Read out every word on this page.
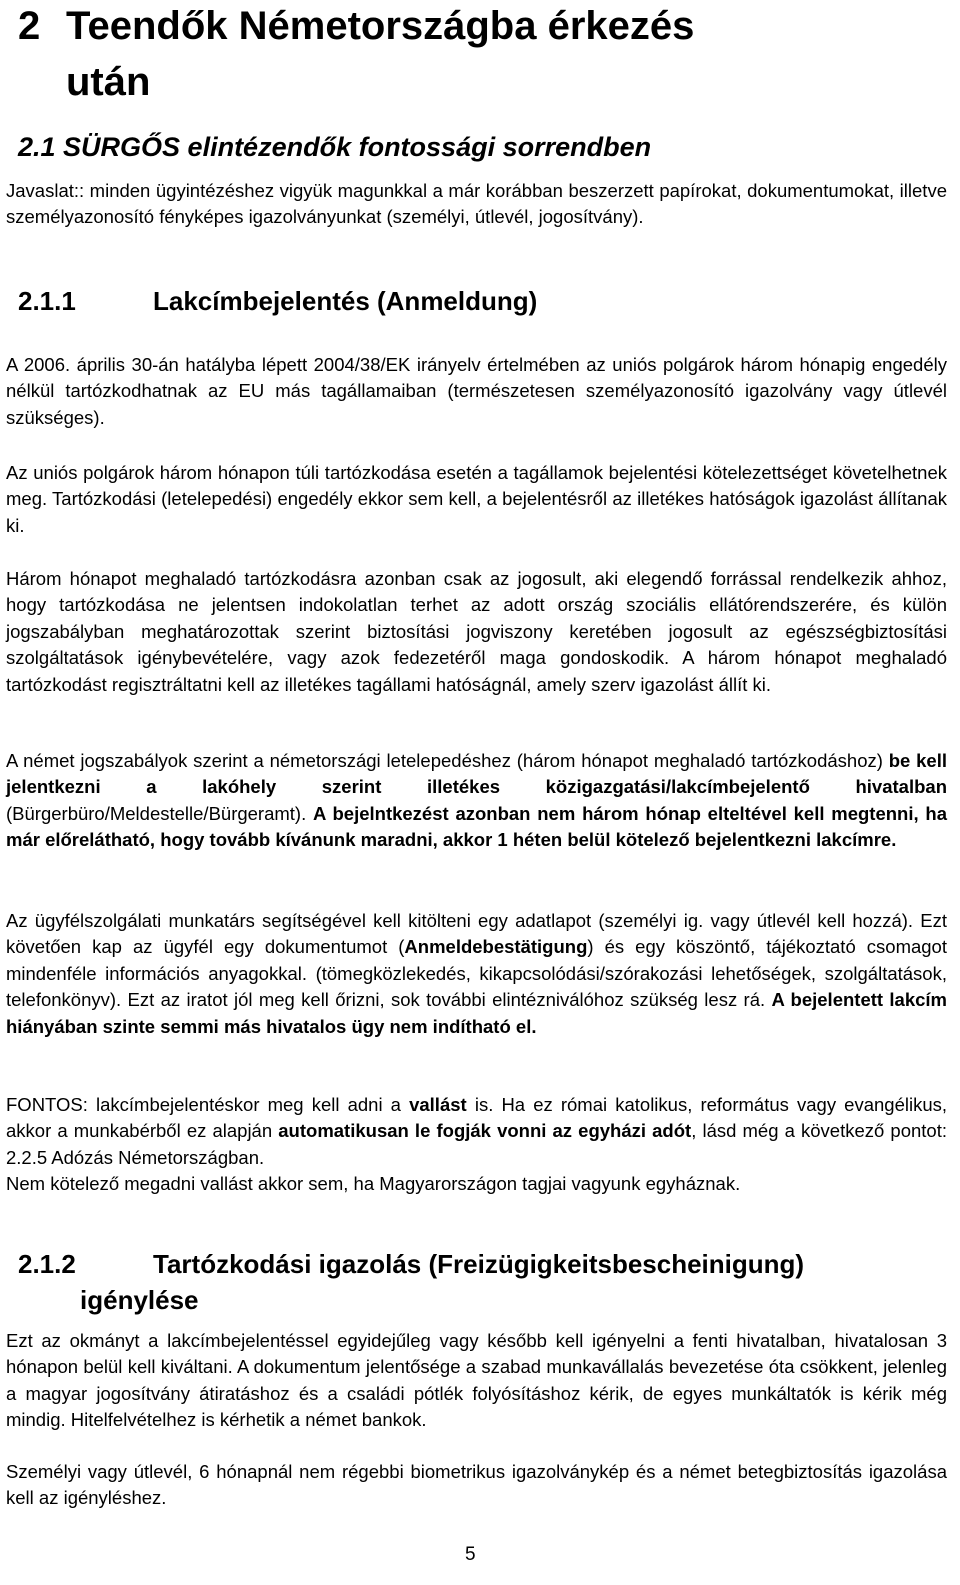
2 Teendők Németországba érkezés
után
2.1 SÜRGŐS elintézendők fontossági sorrendben

Javaslat:: minden ügyintézéshez vigyük magunkkal a már korábban beszerzett papírokat, dokumentumokat, illetve személyazonosító fényképes igazolványunkat (személyi, útlevél, jogosítvány).

2.1.1	Lakcímbejelentés (Anmeldung)

A 2006. április 30-án hatályba lépett 2004/38/EK irányelv értelmében az uniós polgárok három hónapig engedély nélkül tartózkodhatnak az EU más tagállamaiban (természetesen személyazonosító igazolvány vagy útlevél szükséges).

Az uniós polgárok három hónapon túli tartózkodása esetén a tagállamok bejelentési kötelezettséget követelhetnek meg. Tartózkodási (letelepedési) engedély ekkor sem kell, a bejelentésről az illetékes hatóságok igazolást állítanak ki.

Három hónapot meghaladó tartózkodásra azonban csak az jogosult, aki elegendő forrással rendelkezik ahhoz, hogy tartózkodása ne jelentsen indokolatlan terhet az adott ország szociális ellátórendszerére, és külön jogszabályban meghatározottak szerint biztosítási jogviszony keretében jogosult az egészségbiztosítási szolgáltatások igénybevételére, vagy azok fedezetéről maga gondoskodik. A három hónapot meghaladó tartózkodást regisztráltatni kell az illetékes tagállami hatóságnál, amely szerv igazolást állít ki.

A német jogszabályok szerint a németországi letelepedéshez (három hónapot meghaladó tartózkodáshoz) be kell jelentkezni a lakóhely szerint illetékes közigazgatási/lakcímbejelentő hivatalban (Bürgerbüro/Meldestelle/Bürgeramt). A bejelntkezést azonban nem három hónap elteltével kell megtenni, ha már előrelátható, hogy tovább kívánunk maradni, akkor 1 héten belül kötelező bejelentkezni lakcímre.

Az ügyfélszolgálati munkatárs segítségével kell kitölteni egy adatlapot (személyi ig. vagy útlevél kell hozzá). Ezt követően kap az ügyfél egy dokumentumot (Anmeldebestätigung) és egy köszöntő, tájékoztató csomagot mindenféle információs anyagokkal. (tömegközlekedés, kikapcsolódási/szórakozási lehetőségek, szolgáltatások, telefonkönyv). Ezt az iratot jól meg kell őrizni, sok további elintézniválóhoz szükség lesz rá. A bejelentett lakcím hiányában szinte semmi más hivatalos ügy nem indítható el.

FONTOS: lakcímbejelentéskor meg kell adni a vallást is. Ha ez római katolikus, református vagy evangélikus, akkor a munkabérből ez alapján automatikusan le fogják vonni az egyházi adót, lásd még a következő pontot: 2.2.5 Adózás Németországban.
Nem kötelező megadni vallást akkor sem, ha Magyarországon tagjai vagyunk egyháznak.

2.1.2	Tartózkodási igazolás (Freizügigkeitsbescheinigung)
igénylése

Ezt az okmányt a lakcímbejelentéssel egyidejűleg vagy később kell igényelni a fenti hivatalban, hivatalosan 3 hónapon belül kell kiváltani. A dokumentum jelentősége a szabad munkavállalás bevezetése óta csökkent, jelenleg a magyar jogosítvány átiratáshoz és a családi pótlék folyósításhoz kérik, de egyes munkáltatók is kérik még mindig. Hitelfelvételhez is kérhetik a német bankok.

Személyi vagy útlevél, 6 hónapnál nem régebbi biometrikus igazolványkép és a német betegbiztosítás igazolása kell az igényléshez.

5
